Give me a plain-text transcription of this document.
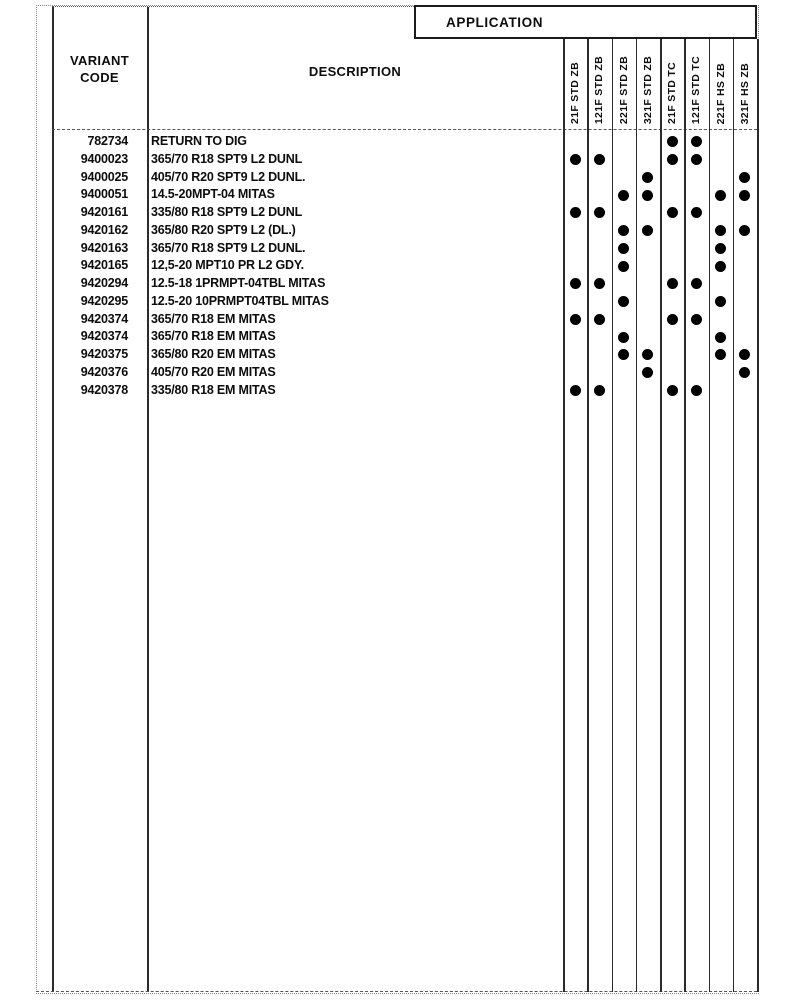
APPLICATION
VARIANT
CODE	DESCRIPTION	21F STD ZB 121F STD ZB 221F STD ZB 321F STD ZB 21F STD TC 121F STD TC 221F HS ZB 321F HS ZB
782734 RETURN TO DIG
9400023 365/70 R18 SPT9 L2 DUNL
9400025 405/70 R20 SPT9 L2 DUNL.
9400051 14.5-20MPT-04 MITAS
9420161 335/80 R18 SPT9 L2 DUNL
9420162 365/80 R20 SPT9 L2 (DL.)
9420163 365/70 R18 SPT9 L2 DUNL.
9420165 12,5-20 MPT10 PR L2 GDY.
9420294 12.5-18 1PRMPT-04TBL MITAS
9420295 12.5-20 10PRMPT04TBL MITAS
9420374 365/70 R18 EM MITAS
9420374 365/70 R18 EM MITAS
9420375 365/80 R20 EM MITAS
9420376 405/70 R20 EM MITAS
9420378 335/80 R18 EM MITAS
